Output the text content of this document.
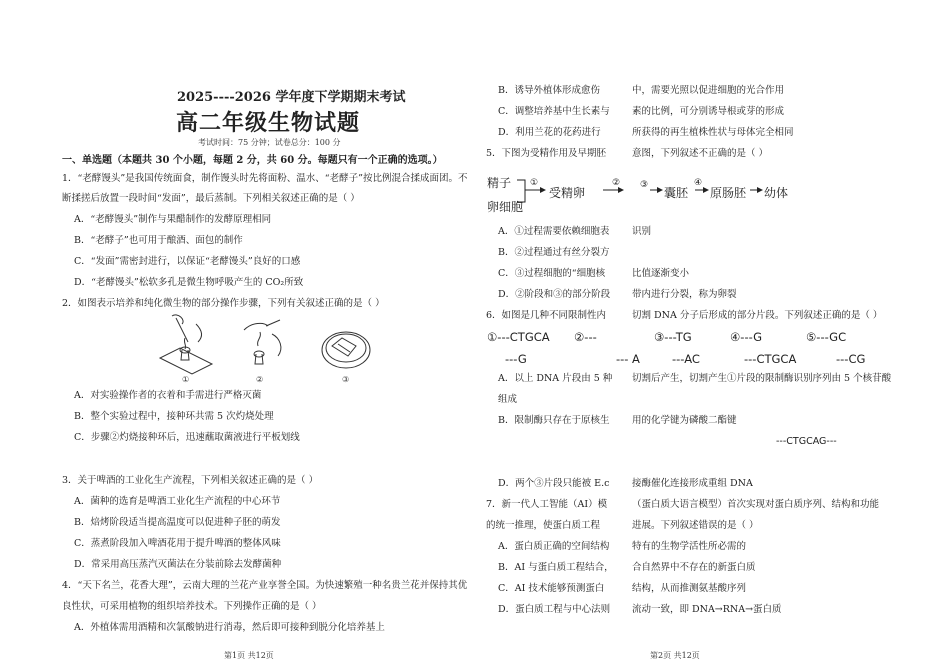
2025----2026 学年度下学期期末考试
高二年级生物试题
考试时间：75 分钟；试卷总分：100 分
一、单选题（本题共 30 个小题，每题 2 分，共 60 分。每题只有一个正确的选项。）
1．“老酵馒头”是我国传统面食，制作馒头时先将面粉、温水、“老酵子”按比例混合揉成面团。不
断揉搓后放置一段时间“发面”，最后蒸制。下列相关叙述正确的是（ ）
A．“老酵馒头”制作与果醋制作的发酵原理相同
B．“老酵子”也可用于酿酒、面包的制作
C．“发面”需密封进行，以保证“老酵馒头”良好的口感
D．“老酵馒头”松软多孔是微生物呼吸产生的 CO₂所致
2．如图表示培养和纯化微生物的部分操作步骤，下列有关叙述正确的是（ ）
①	②	③
A．对实验操作者的衣着和手需进行严格灭菌
B．整个实验过程中，接种环共需 5 次灼烧处理
C．步骤②灼烧接种环后，迅速蘸取菌液进行平板划线
3．关于啤酒的工业化生产流程，下列相关叙述正确的是（ ）
A．菌种的选育是啤酒工业化生产流程的中心环节
B．焙烤阶段适当提高温度可以促进种子胚的萌发
C．蒸煮阶段加入啤酒花用于提升啤酒的整体风味
D．常采用高压蒸汽灭菌法在分装前除去发酵菌种
4．“天下名兰，花香大理”，云南大理的兰花产业享誉全国。为快速繁殖一种名贵兰花并保持其优
良性状，可采用植物的组织培养技术。下列操作正确的是（ ）
A．外植体需用酒精和次氯酸钠进行消毒，然后即可接种到脱分化培养基上
第1页 共12页
B．诱导外植体形成愈伤	中，需要光照以促进细胞的光合作用
C．调整培养基中生长素与 素的比例，可分别诱导根或芽的形成
D．利用兰花的花药进行	所获得的再生植株性状与母体完全相同
5．下图为受精作用及早期胚	意图，下列叙述不正确的是（ ）
精子
卵细胞
①
受精卵
② ③
囊胚
④
原肠胚 幼体
A．①过程需要依赖细胞表 识别
B．②过程通过有丝分裂方
C．③过程细胞的“细胞核	比值逐渐变小
D．②阶段和③的部分阶段 带内进行分裂，称为卵裂
6．如图是几种不同限制性内	切割 DNA 分子后形成的部分片段。下列叙述正确的是（ ）
①---CTGCA ②---	③---TG	④---G	⑤---GC
---G	--- A	---AC	---CTGCA	---CG
A．以上 DNA 片段由 5 种 切割后产生，切割产生①片段的限制酶识别序列由 5 个核苷酸
组成
B．限制酶只存在于原核生 用的化学键为磷酸二酯键
---CTGCAG---
D．两个③片段只能被 E.c 接酶催化连接形成重组 DNA
7．新一代人工智能（AI）模	（蛋白质大语言模型）首次实现对蛋白质序列、结构和功能
的统一推理，使蛋白质工程	进展。下列叙述错误的是（ ）
A．蛋白质正确的空间结构 特有的生物学活性所必需的
B．AI 与蛋白质工程结合， 合自然界中不存在的新蛋白质
C．AI 技术能够预测蛋白	结构，从而推测氨基酸序列
D．蛋白质工程与中心法则 流动一致，即 DNA→RNA→蛋白质
第2页 共12页
